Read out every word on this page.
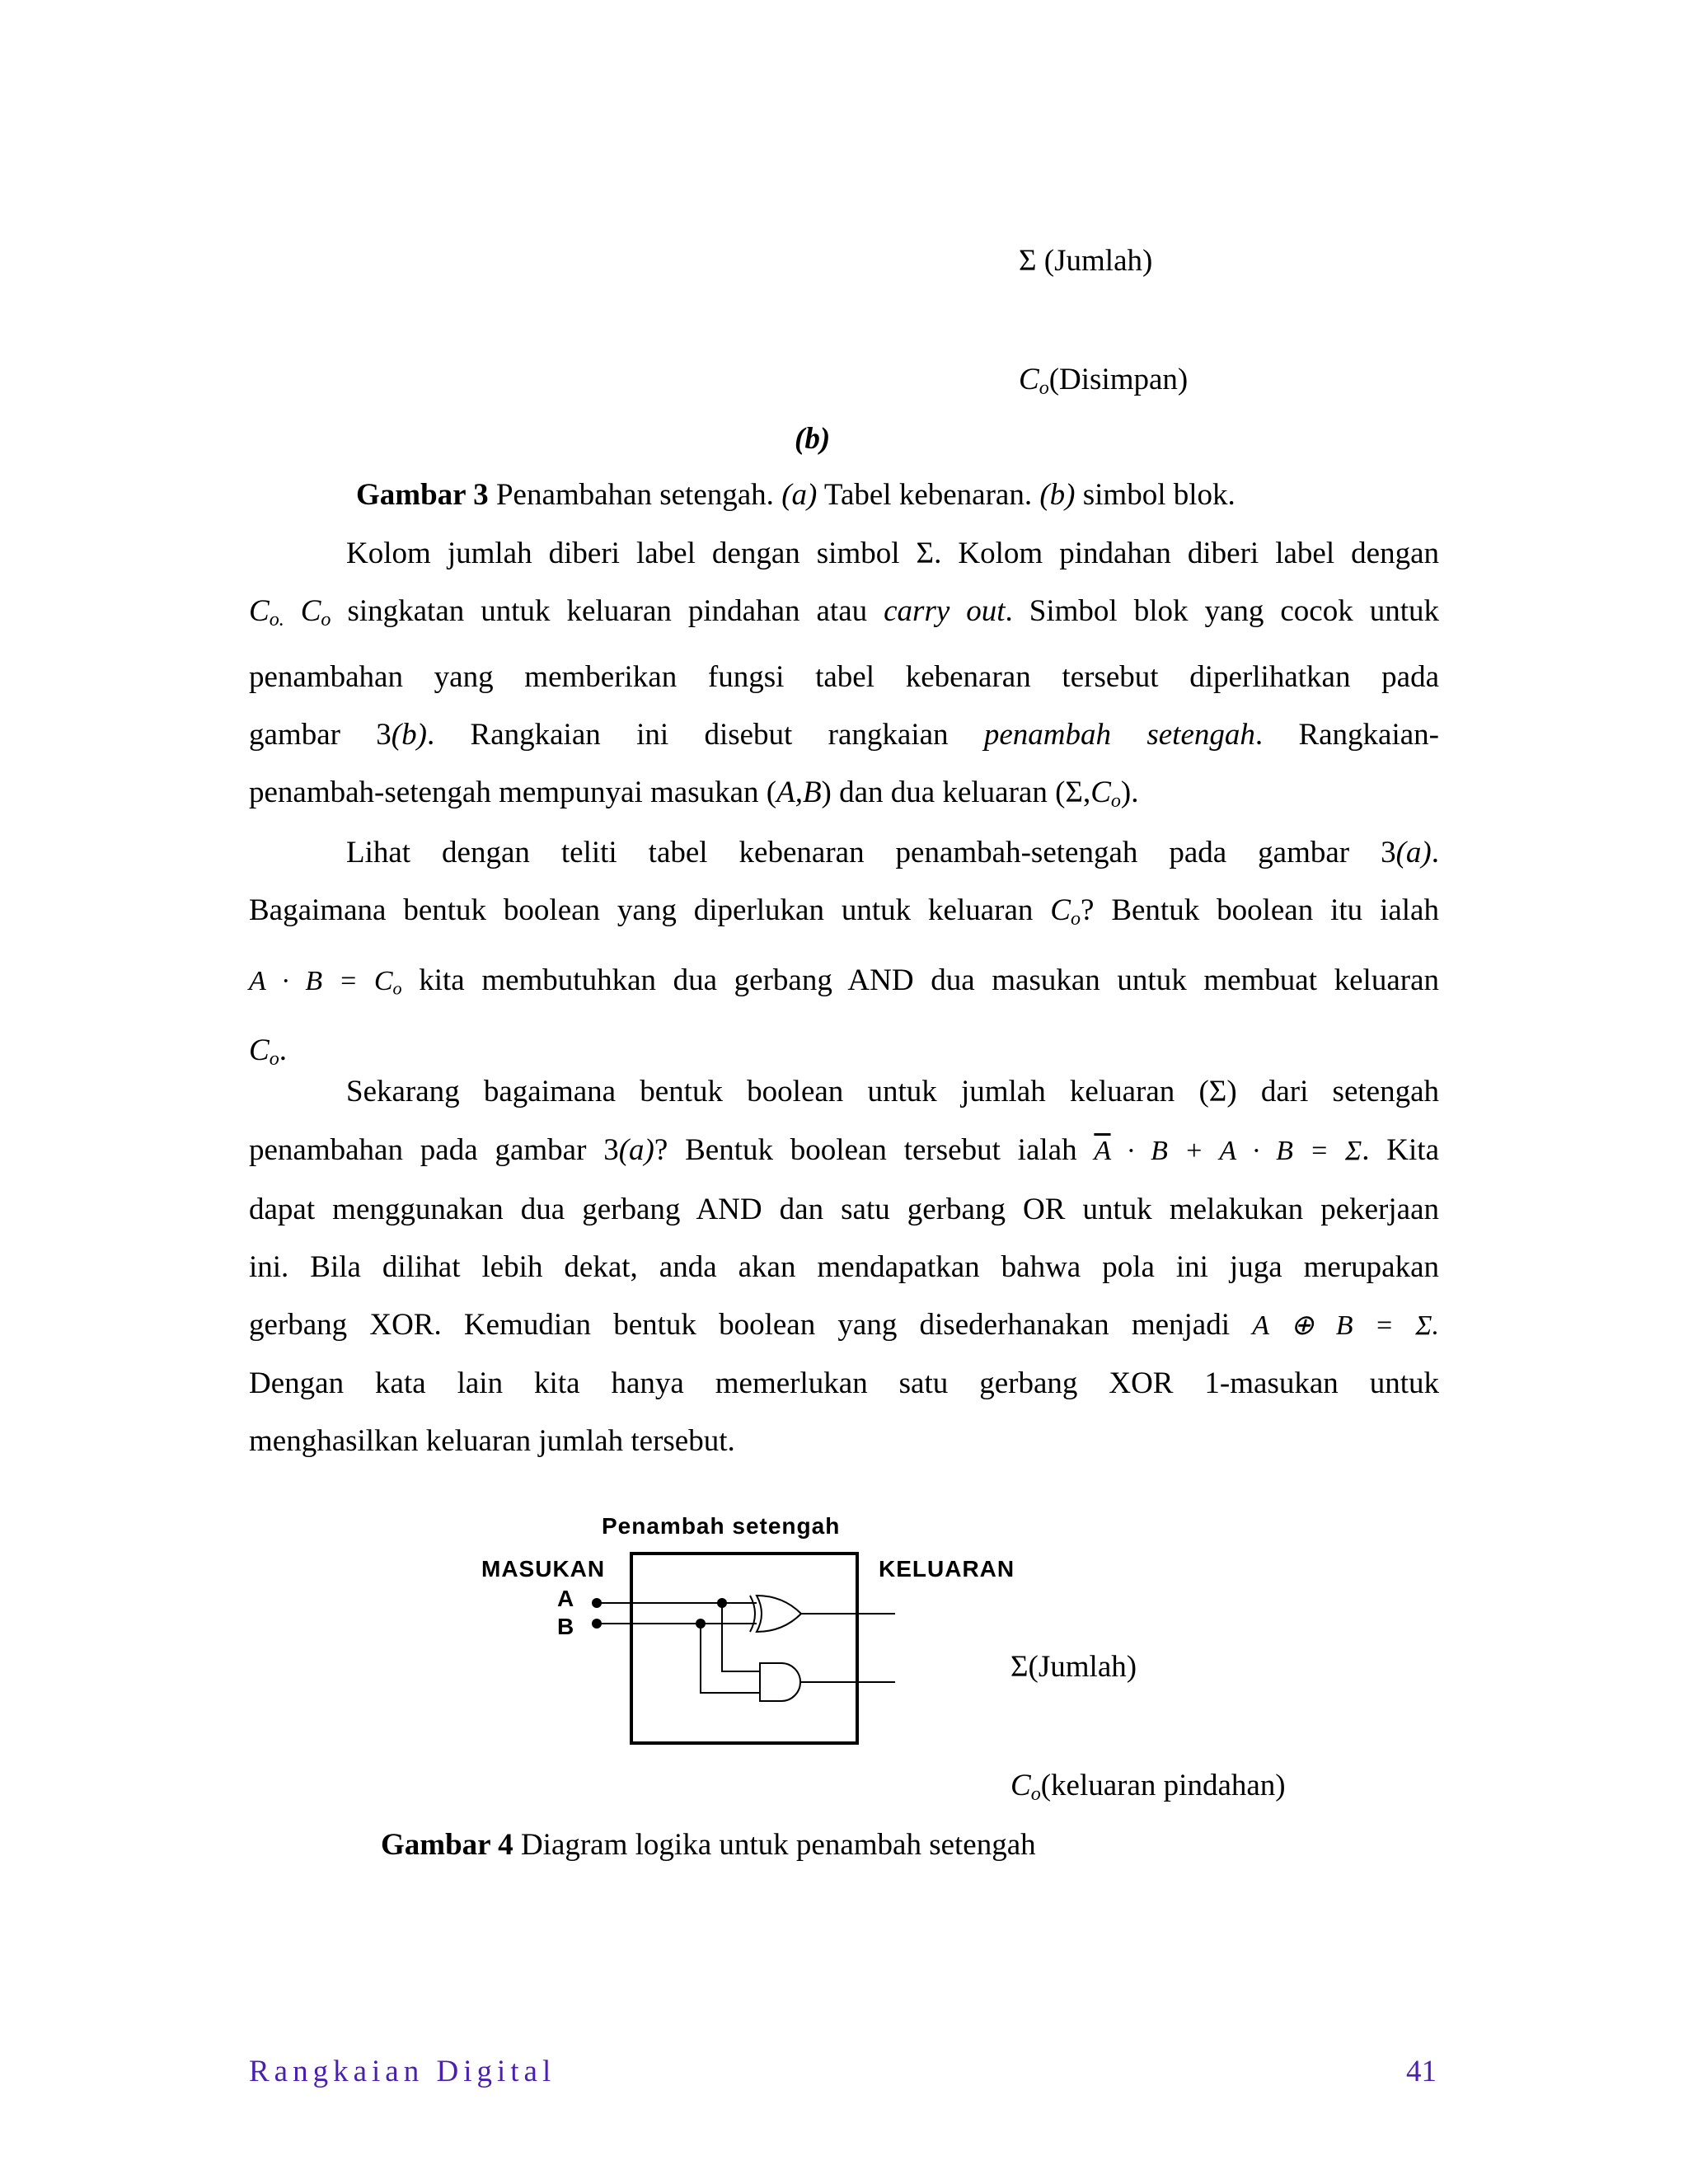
Σ (Jumlah)
$C_o(Disimpan)$
(b)
Gambar 3 Penambahan setengah. (a) Tabel kebenaran. (b) simbol blok.
Kolom jumlah diberi label dengan simbol Σ. Kolom pindahan diberi label dengan
$C_{o.}$ $C_o$ singkatan untuk keluaran pindahan atau carry out. Simbol blok yang cocok untuk
penambahan yang memberikan fungsi tabel kebenaran tersebut diperlihatkan pada
gambar 3(b). Rangkaian ini disebut rangkaian penambah setengah. Rangkaian-
penambah-setengah mempunyai masukan (A,B) dan dua keluaran $(\Sigma,C_o)$.
Lihat dengan teliti tabel kebenaran penambah-setengah pada gambar 3(a).
Bagaimana bentuk boolean yang diperlukan untuk keluaran $C_o$? Bentuk boolean itu ialah
$A \cdot B = C_o$ kita membutuhkan dua gerbang AND dua masukan untuk membuat keluaran
$C_o$.
Sekarang bagaimana bentuk boolean untuk jumlah keluaran (Σ) dari setengah
penambahan pada gambar 3(a)? Bentuk boolean tersebut ialah $\overline{A} \cdot B + A \cdot B = \Sigma$. Kita
dapat menggunakan dua gerbang AND dan satu gerbang OR untuk melakukan pekerjaan
ini. Bila dilihat lebih dekat, anda akan mendapatkan bahwa pola ini juga merupakan
gerbang XOR. Kemudian bentuk boolean yang disederhanakan menjadi A ⊕ B = Σ.
Dengan kata lain kita hanya memerlukan satu gerbang XOR 1-masukan untuk
menghasilkan keluaran jumlah tersebut.
Penambah setengah
MASUKAN	KELUARAN
A
B
Σ(Jumlah)
$C_o(keluaran$ pindahan)
Gambar 4 Diagram logika untuk penambah setengah
Rangkaian Digital	41
